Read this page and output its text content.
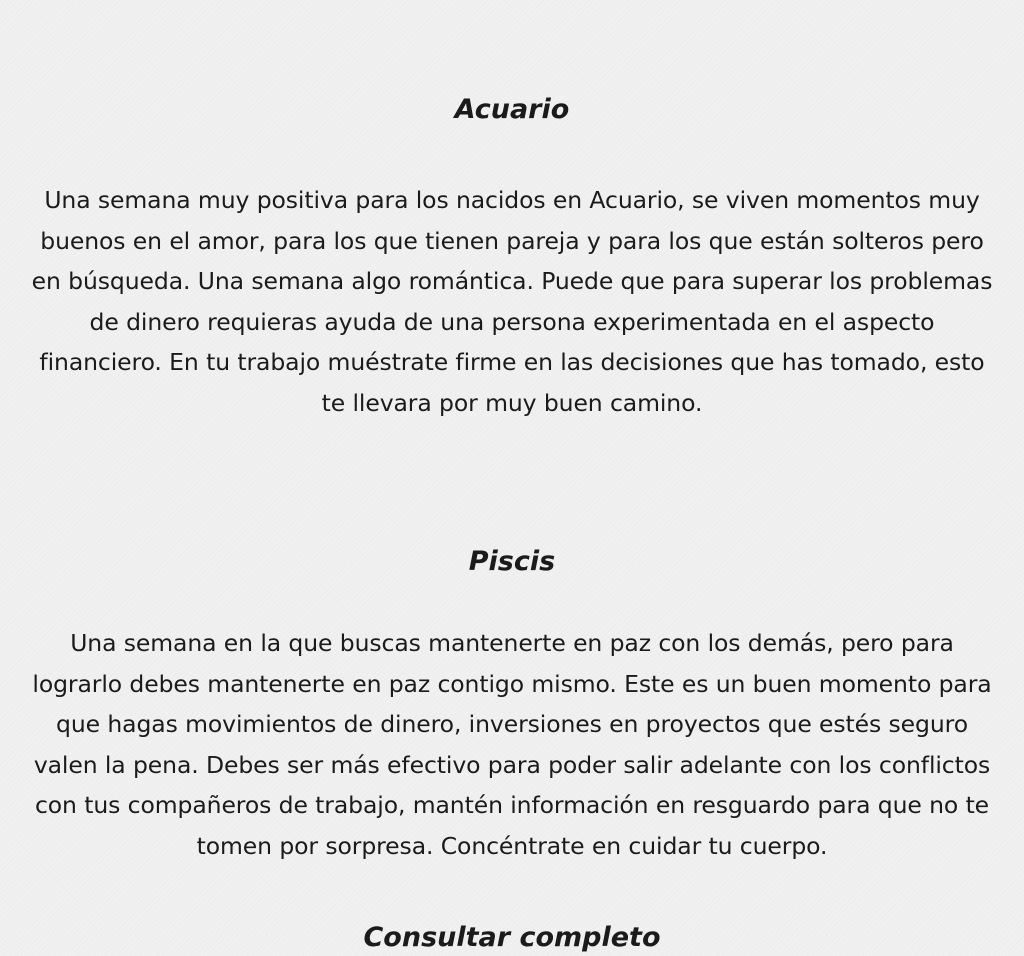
Acuario

Una semana muy positiva para los nacidos en Acuario, se viven momentos muy buenos en el amor, para los que tienen pareja y para los que están solteros pero en búsqueda. Una semana algo romántica. Puede que para superar los problemas de dinero requieras ayuda de una persona experimentada en el aspecto financiero. En tu trabajo muéstrate firme en las decisiones que has tomado, esto te llevara por muy buen camino.

Piscis

Una semana en la que buscas mantenerte en paz con los demás, pero para lograrlo debes mantenerte en paz contigo mismo. Este es un buen momento para que hagas movimientos de dinero, inversiones en proyectos que estés seguro valen la pena. Debes ser más efectivo para poder salir adelante con los conflictos con tus compañeros de trabajo, mantén información en resguardo para que no te tomen por sorpresa. Concéntrate en cuidar tu cuerpo.

Consultar completo
